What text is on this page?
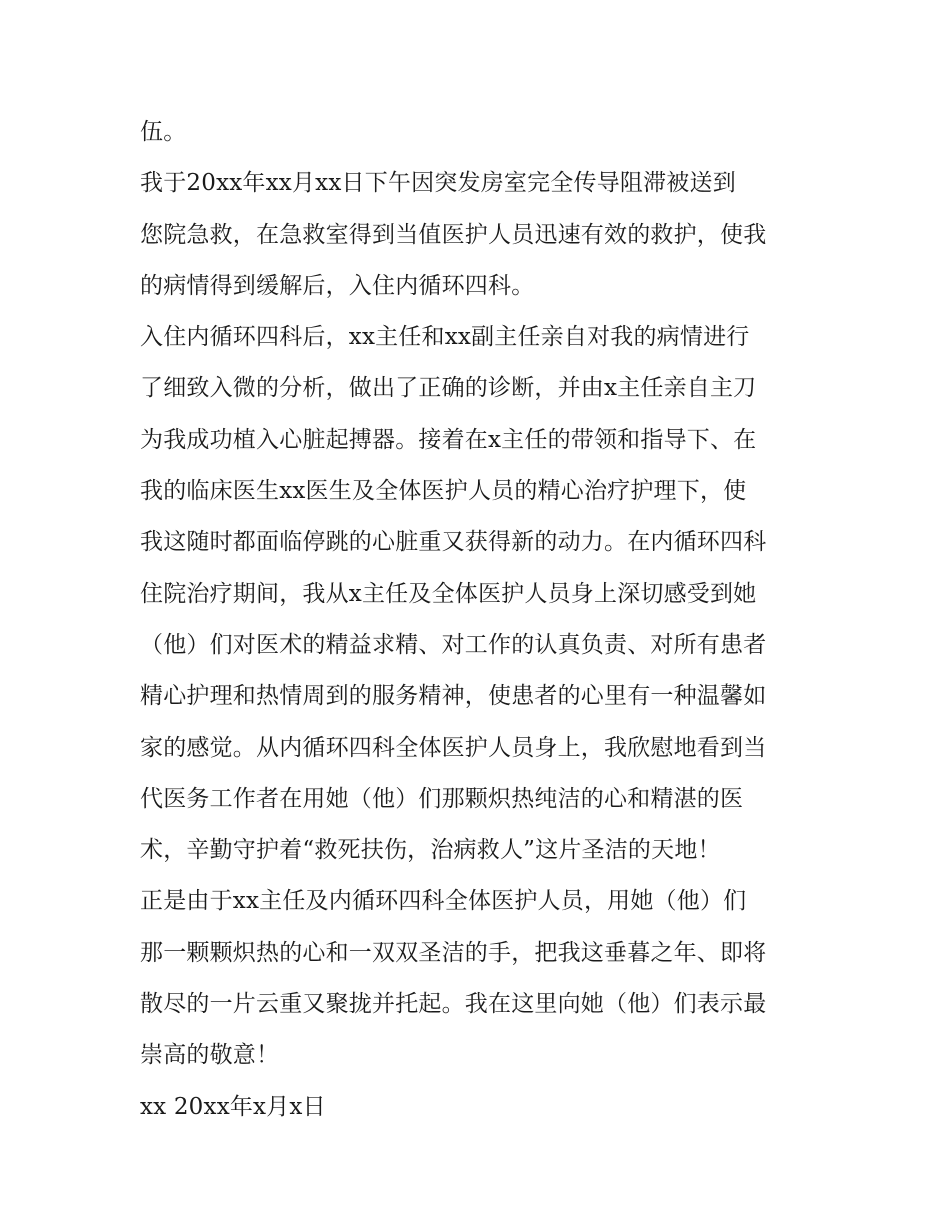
伍。
我于20xx年xx月xx日下午因突发房室完全传导阻滞被送到
您院急救，在急救室得到当值医护人员迅速有效的救护，使我
的病情得到缓解后，入住内循环四科。
入住内循环四科后，xx主任和xx副主任亲自对我的病情进行
了细致入微的分析，做出了正确的诊断，并由x主任亲自主刀
为我成功植入心脏起搏器。接着在x主任的带领和指导下、在
我的临床医生xx医生及全体医护人员的精心治疗护理下，使
我这随时都面临停跳的心脏重又获得新的动力。在内循环四科
住院治疗期间，我从x主任及全体医护人员身上深切感受到她
（他）们对医术的精益求精、对工作的认真负责、对所有患者
精心护理和热情周到的服务精神，使患者的心里有一种温馨如
家的感觉。从内循环四科全体医护人员身上，我欣慰地看到当
代医务工作者在用她（他）们那颗炽热纯洁的心和精湛的医
术，辛勤守护着“救死扶伤，治病救人”这片圣洁的天地！
正是由于xx主任及内循环四科全体医护人员，用她（他）们
那一颗颗炽热的心和一双双圣洁的手，把我这垂暮之年、即将
散尽的一片云重又聚拢并托起。我在这里向她（他）们表示最
崇高的敬意！
xx 20xx年x月x日
